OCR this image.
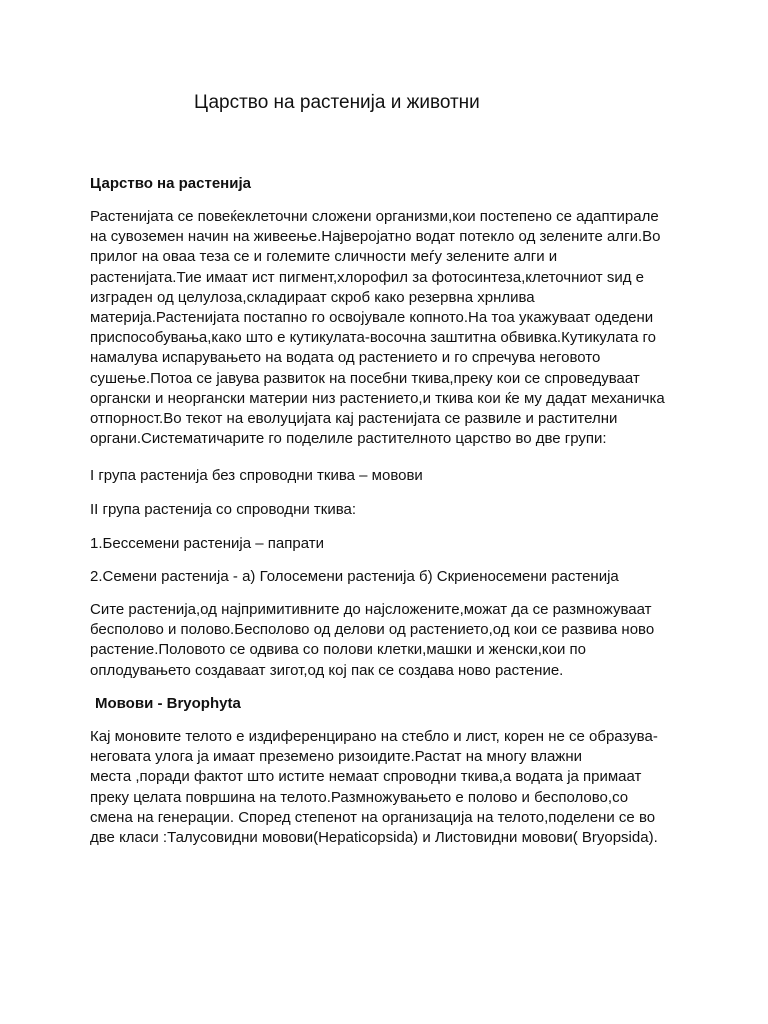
Царство на растенија и животни
Царство на растенија
Растенијата се повеќеклеточни сложени организми,кои постепено се адаптирале
на сувоземен начин на живеење.Најверојатно водат потекло од зелените алги.Во
прилог на оваа теза се и големите сличности меѓу зелените алги и
растенијата.Тие имаат ист пигмент,хлорофил за фотосинтеза,клеточниот ѕид е
изграден од целулоза,складираат скроб како резервна хрнлива
материја.Растенијата постапно го освојувале копното.На тоа укажуваат одедени
приспособувања,како што е кутикулата-восочна заштитна обвивка.Кутикулата го
намалува испарувањето на водата од растението и го спречува неговото
сушење.Потоа се јавува развиток на посебни ткива,преку кои се спроведуваат
органски и неоргански материи низ растението,и ткива кои ќе му дадат механичка
отпорност.Во текот на еволуцијата кај растенијата се развиле и растителни
органи.Систематичарите го поделиле растителното царство во две групи:
I група растенија без спроводни ткива – мовови
II група растенија со спроводни ткива:
1.Бессемени растенија – папрати
2.Семени растенија - а) Голосемени растенија б) Скриеносемени растенија
Сите растенија,од најпримитивните до најсложените,можат да се размножуваат
бесполово и полово.Бесполово од делови од растението,од кои се развива ново
растение.Половото се одвива со полови клетки,машки и женски,кои по
оплодувањето создаваат зигот,од кој пак се создава ново растение.
Мовови - Bryophyta
Кај моновите телото е издиференцирано на стебло и лист, корен не се образува-
неговата улога ја имаат преземено ризоидите.Растат на многу влажни
места ,поради фактот што истите немаат спроводни ткива,а водата ја примаат
преку целата површина на телото.Размножувањето е полово и бесполово,со
смена на генерации. Според степенот на организација на телото,поделени се во
две класи :Талусовидни мовови(Hepaticopsida) и Листовидни мовови( Bryopsida).
